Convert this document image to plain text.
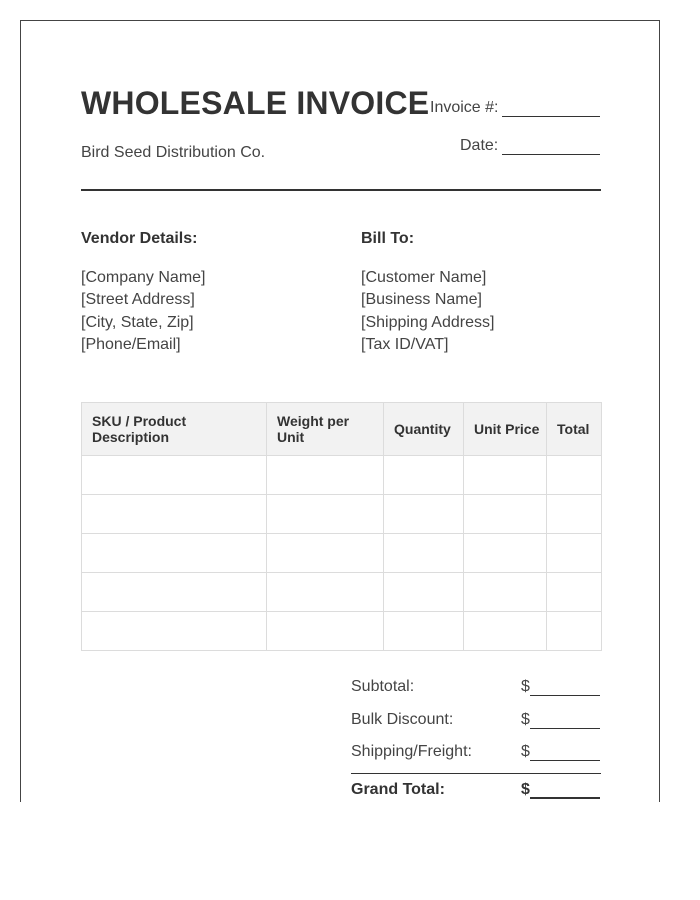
WHOLESALE INVOICE Invoice #:
Bird Seed Distribution Co.	Date:
Vendor Details:	Bill To:
[Company Name]
[Street Address]
[City, State, Zip]
[Phone/Email]
[Customer Name]
[Business Name]
[Shipping Address]
[Tax ID/VAT]
SKU / Product Description	Weight per Unit	Quantity	Unit Price	Total

Subtotal:	$
Bulk Discount:	$
Shipping/Freight:	$
Grand Total:	$
